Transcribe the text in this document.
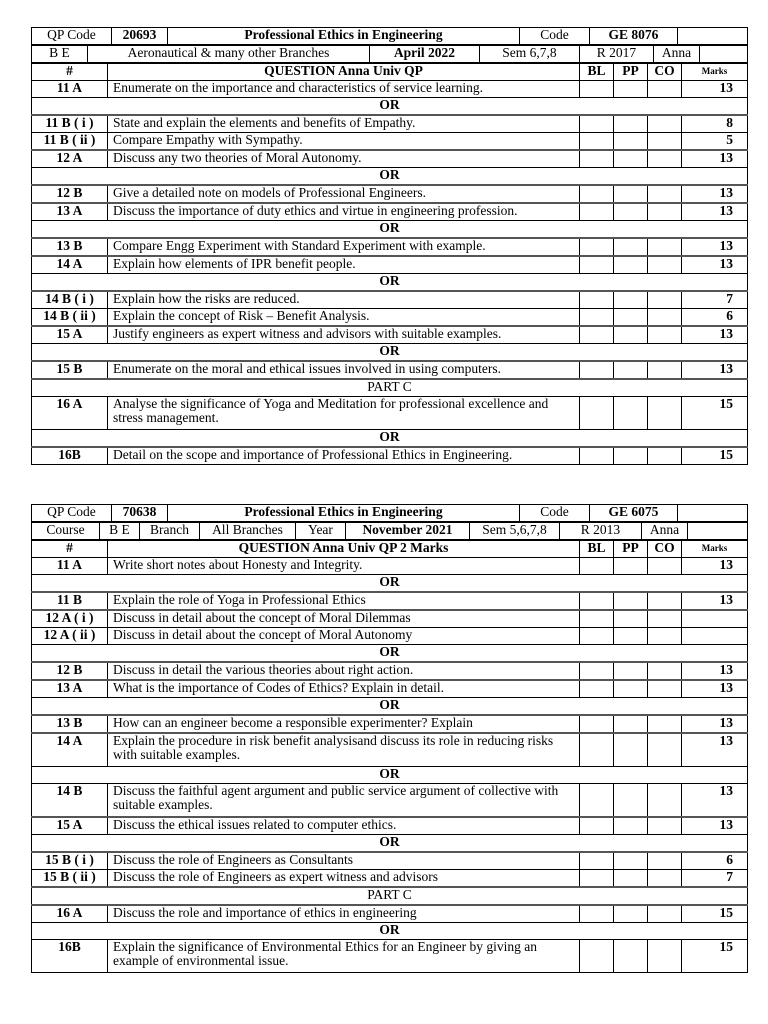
QP Code	20693	Professional Ethics in Engineering	Code	GE 8076	
B E	Aeronautical & many other Branches	April 2022	Sem 6,7,8	R 2017	Anna	
#	QUESTION Anna Univ QP	BL	PP	CO	Marks
11 A	Enumerate on the importance and characteristics of service learning.				13
OR					
11 B ( i )	State and explain the elements and benefits of Empathy.				8
11 B ( ii )	Compare Empathy with Sympathy.				5
12 A	Discuss any two theories of Moral Autonomy.				13
OR					
12 B	Give a detailed note on models of Professional Engineers.				13
13 A	Discuss the importance of duty ethics and virtue in engineering profession.				13
OR					
13 B	Compare Engg Experiment with Standard Experiment with example.				13
14 A	Explain how elements of IPR benefit people.				13
OR					
14 B ( i )	Explain how the risks are reduced.				7
14 B ( ii )	Explain the concept of Risk – Benefit Analysis.				6
15 A	Justify engineers as expert witness and advisors with suitable examples.				13
OR					
15 B	Enumerate on the moral and ethical issues involved in using computers.				13
PART C					
16 A	Analyse the significance of Yoga and Meditation for professional excellence and stress management.				15
OR					
16B	Detail on the scope and importance of Professional Ethics in Engineering.				15
QP Code	70638	Professional Ethics in Engineering	Code	GE 6075	
Course	B E	Branch	All Branches	Year	November 2021	Sem 5,6,7,8	R 2013	Anna	
#	QUESTION Anna Univ QP 2 Marks	BL	PP	CO	Marks
11 A	Write short notes about Honesty and Integrity.				13
OR					
11 B	Explain the role of Yoga in Professional Ethics				13
12 A ( i )	Discuss in detail about the concept of Moral Dilemmas				
12 A ( ii )	Discuss in detail about the concept of Moral Autonomy				
OR					
12 B	Discuss in detail the various theories about right action.				13
13 A	What is the importance of Codes of Ethics? Explain in detail.				13
OR					
13 B	How can an engineer become a responsible experimenter? Explain				13
14 A	Explain the procedure in risk benefit analysisand discuss its role in reducing risks with suitable examples.				13
OR					
14 B	Discuss the faithful agent argument and public service argument of collective with suitable examples.				13
15 A	Discuss the ethical issues related to computer ethics.				13
OR					
15 B ( i )	Discuss the role of Engineers as Consultants				6
15 B ( ii )	Discuss the role of Engineers as expert witness and advisors				7
PART C					
16 A	Discuss the role and importance of ethics in engineering				15
OR					
16B	Explain the significance of Environmental Ethics for an Engineer by giving an example of environmental issue.				15
